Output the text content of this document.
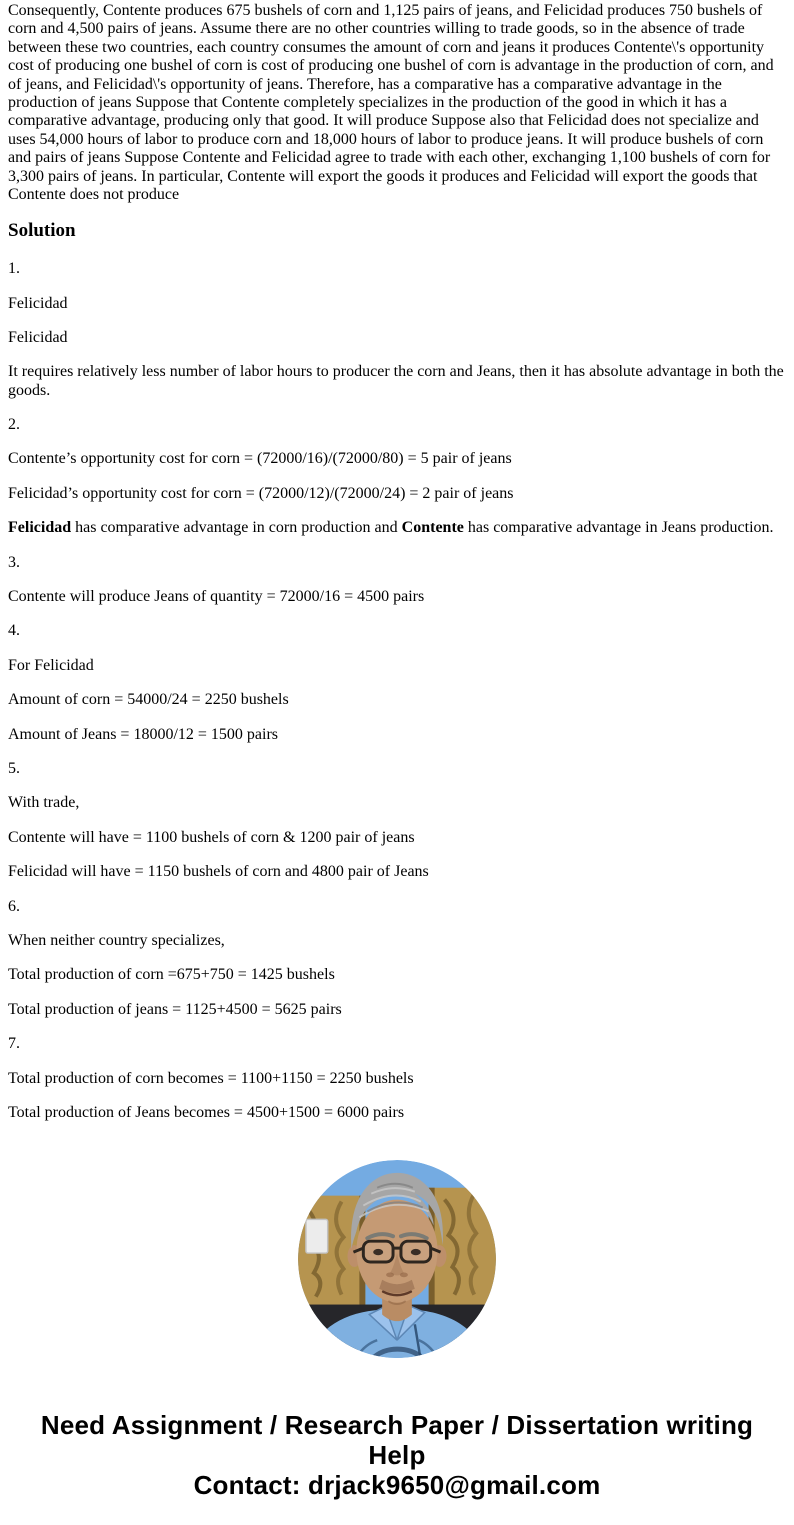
Consequently, Contente produces 675 bushels of corn and 1,125 pairs of jeans, and Felicidad produces 750 bushels of corn and 4,500 pairs of jeans. Assume there are no other countries willing to trade goods, so in the absence of trade between these two countries, each country consumes the amount of corn and jeans it produces Contente\'s opportunity cost of producing one bushel of corn is cost of producing one bushel of corn is advantage in the production of corn, and of jeans, and Felicidad\'s opportunity of jeans. Therefore, has a comparative has a comparative advantage in the production of jeans Suppose that Contente completely specializes in the production of the good in which it has a comparative advantage, producing only that good. It will produce Suppose also that Felicidad does not specialize and uses 54,000 hours of labor to produce corn and 18,000 hours of labor to produce jeans. It will produce bushels of corn and pairs of jeans Suppose Contente and Felicidad agree to trade with each other, exchanging 1,100 bushels of corn for 3,300 pairs of jeans. In particular, Contente will export the goods it produces and Felicidad will export the goods that Contente does not produce

Solution

1.

Felicidad

Felicidad

It requires relatively less number of labor hours to producer the corn and Jeans, then it has absolute advantage in both the goods.

2.

Contente’s opportunity cost for corn = (72000/16)/(72000/80) = 5 pair of jeans

Felicidad’s opportunity cost for corn = (72000/12)/(72000/24) = 2 pair of jeans

Felicidad has comparative advantage in corn production and Contente has comparative advantage in Jeans production.

3.

Contente will produce Jeans of quantity = 72000/16 = 4500 pairs

4.

For Felicidad

Amount of corn = 54000/24 = 2250 bushels

Amount of Jeans = 18000/12 = 1500 pairs

5.

With trade,

Contente will have = 1100 bushels of corn & 1200 pair of jeans

Felicidad will have = 1150 bushels of corn and 4800 pair of Jeans

6.

When neither country specializes,

Total production of corn =675+750 = 1425 bushels

Total production of jeans = 1125+4500 = 5625 pairs

7.

Total production of corn becomes = 1100+1150 = 2250 bushels

Total production of Jeans becomes = 4500+1500 = 6000 pairs

Need Assignment / Research Paper / Dissertation writing Help
Contact: drjack9650@gmail.com
